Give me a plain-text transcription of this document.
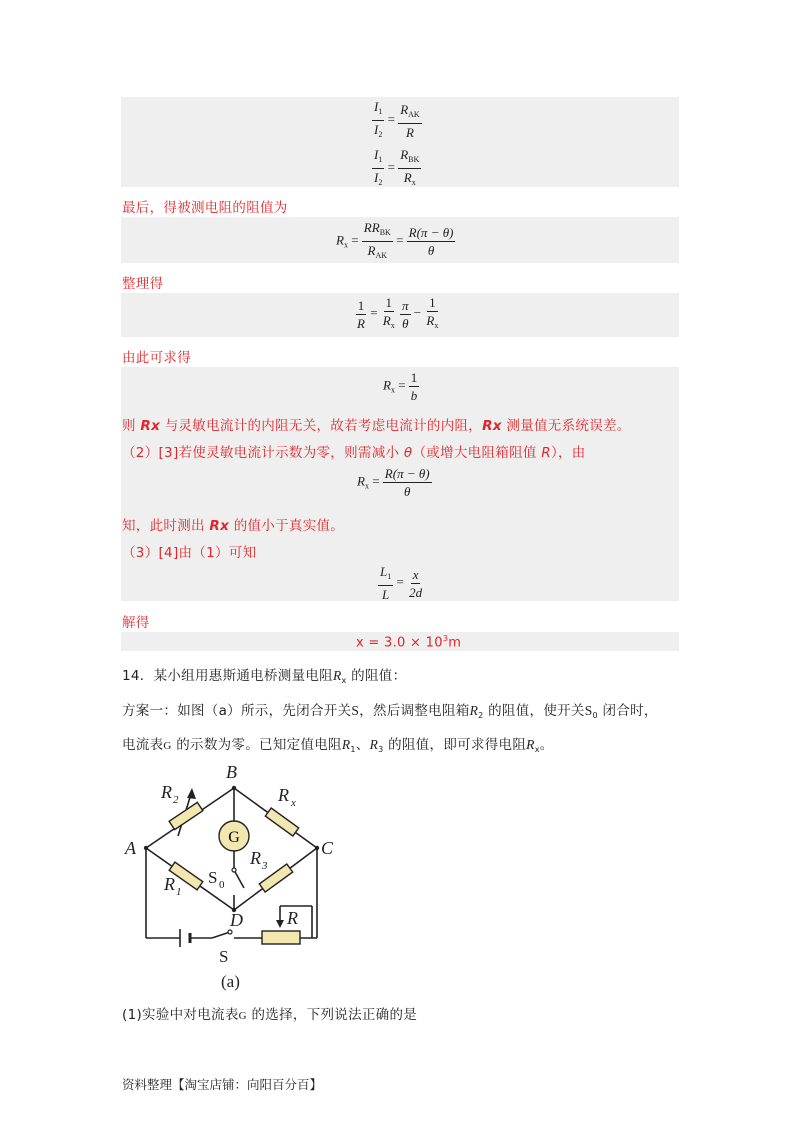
$\frac{I_1}{I_2} = \frac{R_{AK}}{R}$
$\frac{I_1}{I_2} = \frac{R_{BK}}{R_x}$
最后，得被测电阻的阻值为
$R_x = \frac{RR_{BK}}{R_{AK}} = \frac{R(\pi - \theta)}{\theta}$
整理得
$\frac{1}{R} = \frac{1}{R_x}$
$\frac{\pi}{\theta} - \frac{1}{R_x}$
由此可求得
$R_x = \frac{1}{b}$
则 Rx 与灵敏电流计的内阻无关，故若考虑电流计的内阻，Rx 测量值无系统误差。
（2）[3]若使灵敏电流计示数为零，则需减小 θ（或增大电阻箱阻值 R），由
$R_x = \frac{R(\pi - \theta)}{\theta}$
知，此时测出 Rx 的值小于真实值。
（3）[4]由（1）可知
$\frac{L_1}{L} = \frac{x}{2d}$
解得
$x = 3.0 \times 10^3m$
14．某小组用惠斯通电桥测量电阻$R_x$ 的阻值：
方案一：如图（a）所示，先闭合开关S，然后调整电阻箱$R_2$ 的阻值，使开关$S_0$ 闭合时，
电流表G 的示数为零。已知定值电阻$R_1$、$R_3$ 的阻值，即可求得电阻$R_x$。
G
B
A	C
D
R	R
R
R
R
2	x
3
1
S
S
(a)
0
(1)实验中对电流表G 的选择，下列说法正确的是
资料整理【淘宝店铺：向阳百分百】
